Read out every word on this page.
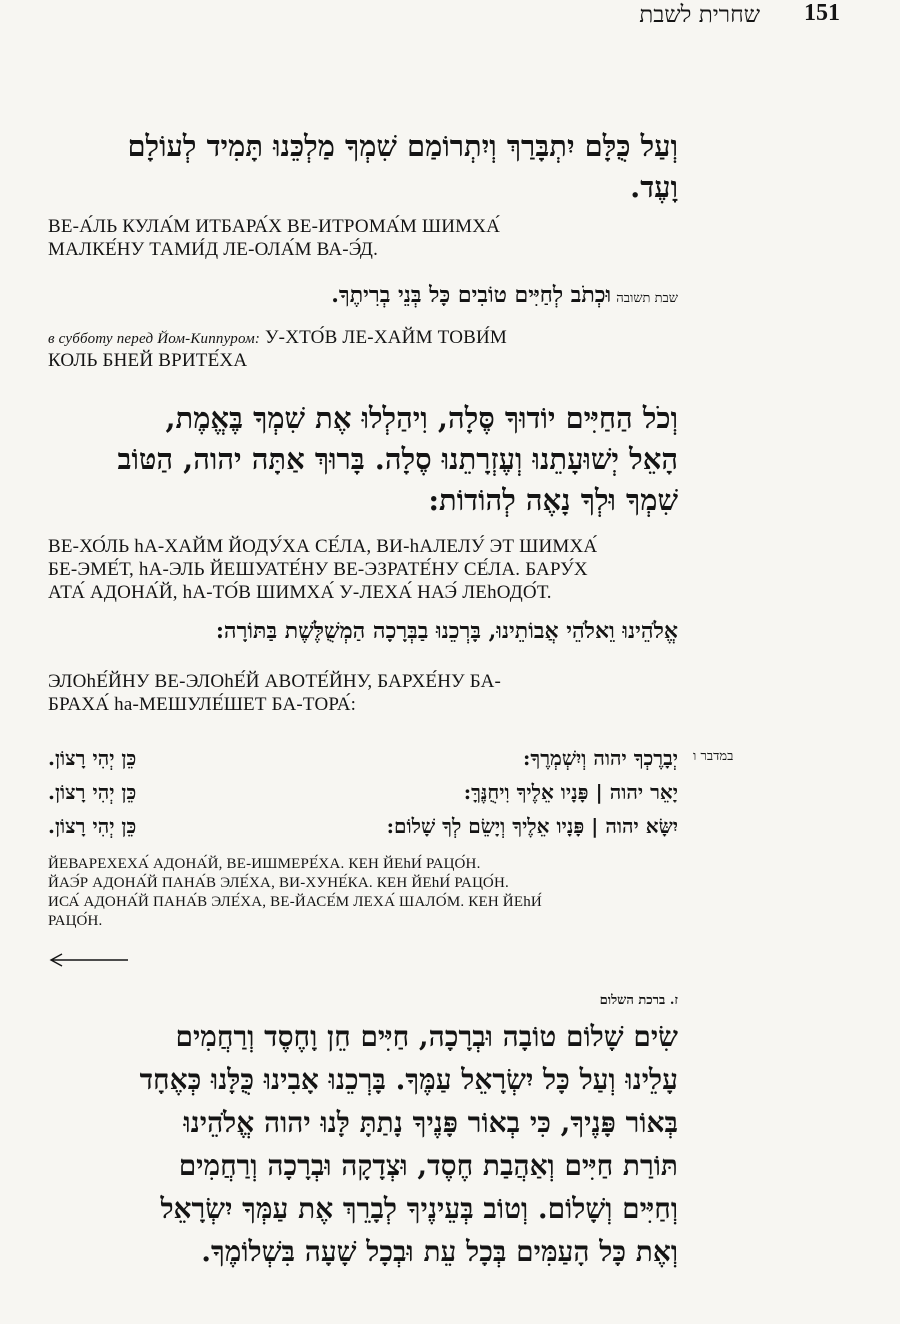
שחרית לשבת 151
וְעַל כֻּלָּם יִתְבָּרַךְ וְיִתְרוֹמַם שִׁמְךָ מַלְכֵּנוּ תָּמִיד לְעוֹלָם
וָעֶד.
ВЕ-А́ЛЬ КУЛА́М ИТБАРА́Х ВЕ-ИТРОМА́М ШИМХА́
МАЛКЕ́НУ ТАМИ́Д ЛЕ-ОЛА́М ВА-Э́Д.
שבת תשובה וּכְתֹב לְחַיִּים טוֹבִים כָּל בְּנֵי בְרִיתֶךָ.
в субботу перед Йом-Киппуром: У-ХТО́В ЛЕ-ХАЙМ ТОВИ́М
КОЛЬ БНЕЙ ВРИТЕ́ХА
וְכֹל הַחַיִּים יוֹדוּךָ סֶּלָה, וִיהַלְלוּ אֶת שִׁמְךָ בֶּאֱמֶת,
הָאֵל יְשׁוּעָתֵנוּ וְעֶזְרָתֵנוּ סֶלָה. בָּרוּךְ אַתָּה יהוה, הַטּוֹב
שִׁמְךָ וּלְךָ נָאֶה לְהוֹדוֹת:
ВЕ-ХО́ЛЬ hА-ХАЙМ ЙОДУ́ХА СЕ́ЛА, ВИ-hАЛЕЛУ́ ЭТ ШИМХА́
БЕ-ЭМЕ́Т, hА-ЭЛЬ ЙЕШУАТЕ́НУ ВЕ-ЭЗРАТЕ́НУ СЕ́ЛА. БАРУ́Х
АТА́ АДОНА́Й, hА-ТО́В ШИМХА́ У-ЛЕХА́ НАЭ́ ЛЕhОДО́Т.
אֱלֹהֵינוּ וֵאלֹהֵי אֲבוֹתֵינוּ, בָּרְכֵנוּ בַבְּרָכָה הַמְשֻׁלֶּשֶׁת בַּתּוֹרָה:
ЭЛОhЕ́ЙНУ ВЕ-ЭЛОhЕ́Й АВОТЕ́ЙНУ, БАРХЕ́НУ БА-
БРАХА́ hа-МЕШУЛЕ́ШЕТ БА-ТОРА́:
במדבר ו
יְבָרֶכְךָ יהוה וְיִשְׁמְרֶךָ:
כֵּן יְהִי רָצוֹן.
יָאֵר יהוה | פָּנָיו אֵלֶיךָ וִיחֻנֶּךָּ:
כֵּן יְהִי רָצוֹן.
יִשָּׂא יהוה | פָּנָיו אֵלֶיךָ וְיָשֵׂם לְךָ שָׁלוֹם:
כֵּן יְהִי רָצוֹן.
ЙЕВАРЕХЕХА́ АДОНА́Й, ВЕ-ИШМЕРЕ́ХА. КЕН ЙЕhИ́ РАЦО́Н.
ЙАЭ́Р АДОНА́Й ПАНА́В ЭЛЕ́ХА, ВИ-ХУНЕ́КА. КЕН ЙЕhИ́ РАЦО́Н.
ИСА́ АДОНА́Й ПАНА́В ЭЛЕ́ХА, ВЕ-ЙАСЕ́М ЛЕХА́ ШАЛО́М. КЕН ЙЕhИ́
РАЦО́Н.
ז. ברכת השלום
שִׂים שָׁלוֹם טוֹבָה וּבְרָכָה, חַיִּים חֵן וָחֶסֶד וְרַחֲמִים
עָלֵינוּ וְעַל כָּל יִשְׂרָאֵל עַמֶּךָ. בָּרְכֵנוּ אָבִינוּ כֻּלָּנוּ כְּאֶחָד
בְּאוֹר פָּנֶיךָ, כִּי בְאוֹר פָּנֶיךָ נָתַתָּ לָּנוּ יהוה אֱלֹהֵינוּ
תּוֹרַת חַיִּים וְאַהֲבַת חֶסֶד, וּצְדָקָה וּבְרָכָה וְרַחֲמִים
וְחַיִּים וְשָׁלוֹם. וְטוֹב בְּעֵינֶיךָ לְבָרֵךְ אֶת עַמְּךָ יִשְׂרָאֵל
וְאֶת כָּל הָעַמִּים בְּכָל עֵת וּבְכָל שָׁעָה בִּשְׁלוֹמֶךָ.
